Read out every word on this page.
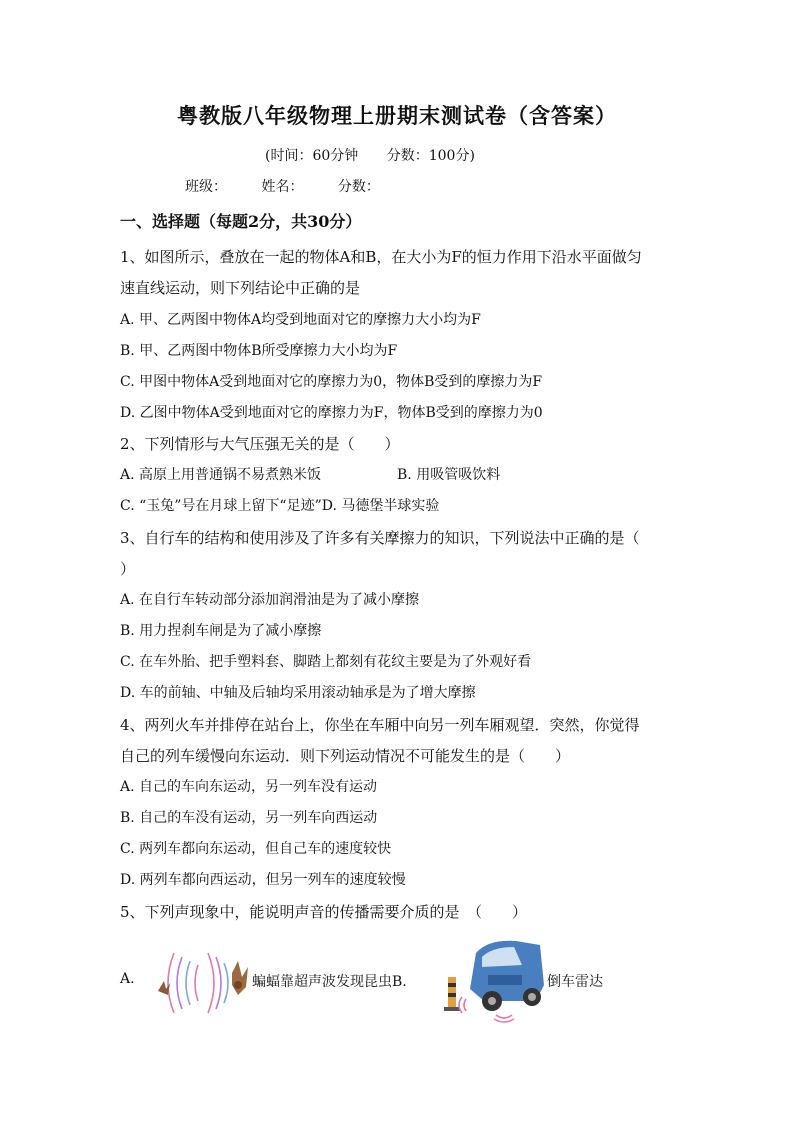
粤教版八年级物理上册期末测试卷（含答案）
(时间：60分钟 分数：100分)
班级： 姓名： 分数：
一、选择题（每题2分，共30分）
1、如图所示，叠放在一起的物体A和B，在大小为F的恒力作用下沿水平面做匀
速直线运动，则下列结论中正确的是
A. 甲、乙两图中物体A均受到地面对它的摩擦力大小均为F
B. 甲、乙两图中物体B所受摩擦力大小均为F
C. 甲图中物体A受到地面对它的摩擦力为0，物体B受到的摩擦力为F
D. 乙图中物体A受到地面对它的摩擦力为F，物体B受到的摩擦力为0
2、下列情形与大气压强无关的是（　　）
A. 高原上用普通锅不易煮熟米饭	B. 用吸管吸饮料
C. “玉兔”号在月球上留下“足迹”D. 马德堡半球实验
3、自行车的结构和使用涉及了许多有关摩擦力的知识，下列说法中正确的是（
）
A. 在自行车转动部分添加润滑油是为了减小摩擦
B. 用力捏刹车闸是为了减小摩擦
C. 在车外胎、把手塑料套、脚踏上都刻有花纹主要是为了外观好看
D. 车的前轴、中轴及后轴均采用滚动轴承是为了增大摩擦
4、两列火车并排停在站台上，你坐在车厢中向另一列车厢观望．突然，你觉得
自己的列车缓慢向东运动．则下列运动情况不可能发生的是（　　）
A. 自己的车向东运动，另一列车没有运动
B. 自己的车没有运动，另一列车向西运动
C. 两列车都向东运动，但自己车的速度较快
D. 两列车都向西运动，但另一列车的速度较慢
5、下列声现象中，能说明声音的传播需要介质的是　（　　）
A.	蝙蝠靠超声波发现昆虫B.	倒车雷达
